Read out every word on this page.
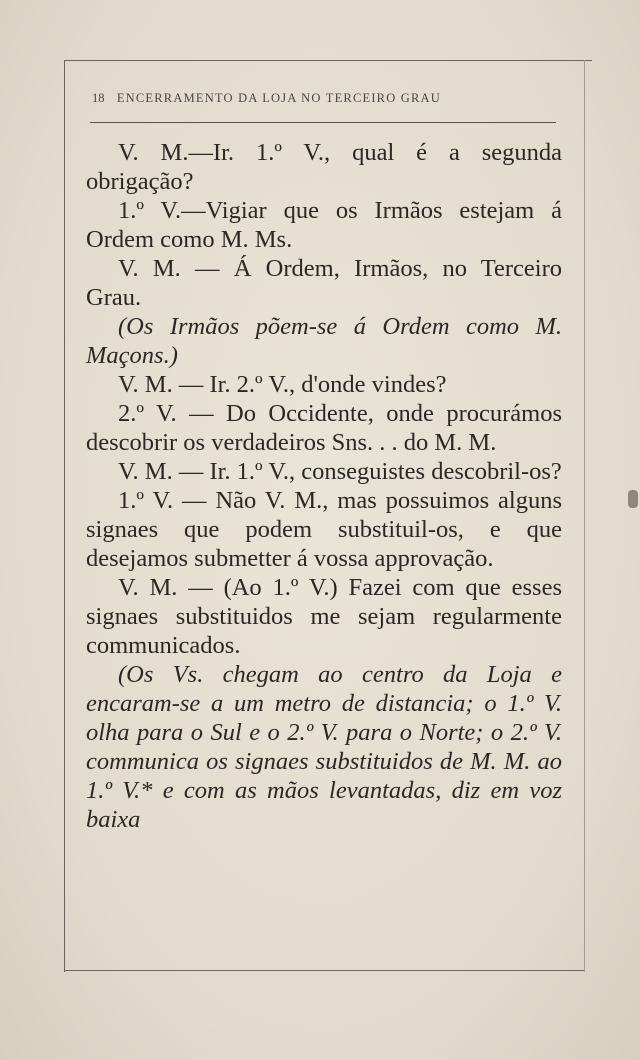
18 ENCERRAMENTO DA LOJA NO TERCEIRO GRAU

V. M.—Ir. 1.º V., qual é a segunda obrigação?

1.º V.—Vigiar que os Irmãos estejam á Ordem como M. Ms.

V. M. — Á Ordem, Irmãos, no Terceiro Grau.

(Os Irmãos põem-se á Ordem como M. Maçons.)

V. M. — Ir. 2.º V., d'onde vindes?

2.º V. — Do Occidente, onde procurámos descobrir os verdadeiros Sns. . . do M. M.

V. M. — Ir. 1.º V., conseguistes descobril-os?

1.º V. — Não V. M., mas possuimos alguns signaes que podem substituil-os, e que desejamos submetter á vossa approvação.

V. M. — (Ao 1.º V.) Fazei com que esses signaes substituidos me sejam regularmente communicados.

(Os Vs. chegam ao centro da Loja e encaram-se a um metro de distancia; o 1.º V. olha para o Sul e o 2.º V. para o Norte; o 2.º V. communica os signaes substituidos de M. M. ao 1.º V.* e com as mãos levantadas, diz em voz baixa
